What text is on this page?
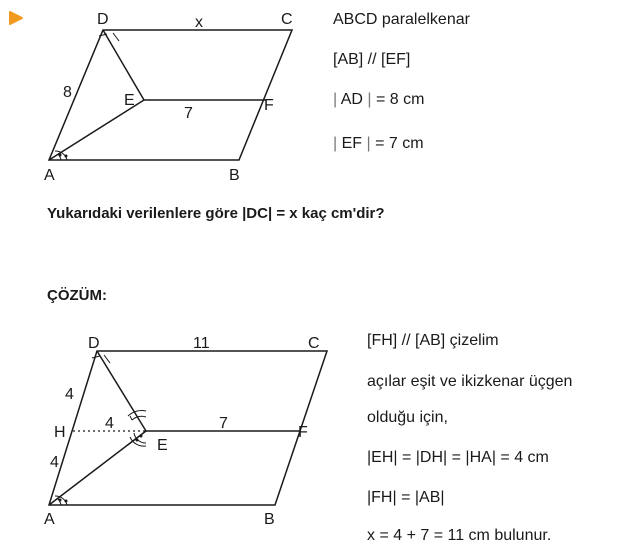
D	C
A	B
E	F
8
x
7
ABCD paralelkenar
[AB] // [EF]
| AD | = 8 cm
| EF | = 7 cm
Yukarıdaki verilenlere göre |DC| = x kaç cm'dir?
ÇÖZÜM:
D	C
A	B
H
E
F
11
4
4
4	7
[FH] // [AB] çizelim
açılar eşit ve ikizkenar üçgen
olduğu için,
|EH| = |DH| = |HA| = 4 cm
|FH| = |AB|
x = 4 + 7 = 11 cm bulunur.
